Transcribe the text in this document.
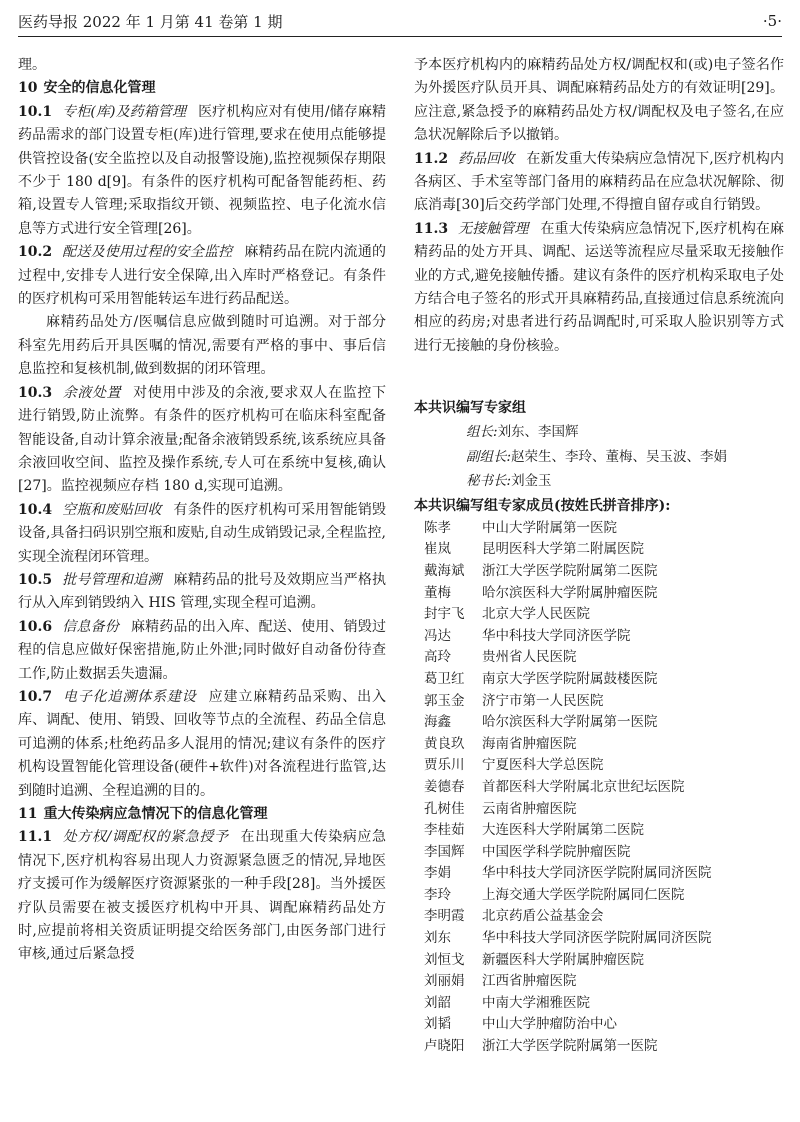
医药导报 2022 年 1 月第 41 卷第 1 期	·5·

理。

10 安全的信息化管理

10.1 专柜(库)及药箱管理 医疗机构应对有使用/储存麻精药品需求的部门设置专柜(库)进行管理,要求在使用点能够提供管控设备(安全监控以及自动报警设施),监控视频保存期限不少于 180 d[9]。有条件的医疗机构可配备智能药柜、药箱,设置专人管理;采取指纹开锁、视频监控、电子化流水信息等方式进行安全管理[26]。

10.2 配送及使用过程的安全监控 麻精药品在院内流通的过程中,安排专人进行安全保障,出入库时严格登记。有条件的医疗机构可采用智能转运车进行药品配送。

麻精药品处方/医嘱信息应做到随时可追溯。对于部分科室先用药后开具医嘱的情况,需要有严格的事中、事后信息监控和复核机制,做到数据的闭环管理。

10.3 余液处置 对使用中涉及的余液,要求双人在监控下进行销毁,防止流弊。有条件的医疗机构可在临床科室配备智能设备,自动计算余液量;配备余液销毁系统,该系统应具备余液回收空间、监控及操作系统,专人可在系统中复核,确认[27]。监控视频应存档 180 d,实现可追溯。

10.4 空瓶和废贴回收 有条件的医疗机构可采用智能销毁设备,具备扫码识别空瓶和废贴,自动生成销毁记录,全程监控,实现全流程闭环管理。

10.5 批号管理和追溯 麻精药品的批号及效期应当严格执行从入库到销毁纳入 HIS 管理,实现全程可追溯。

10.6 信息备份 麻精药品的出入库、配送、使用、销毁过程的信息应做好保密措施,防止外泄;同时做好自动备份待查工作,防止数据丢失遗漏。

10.7 电子化追溯体系建设 应建立麻精药品采购、出入库、调配、使用、销毁、回收等节点的全流程、药品全信息可追溯的体系;杜绝药品多人混用的情况;建议有条件的医疗机构设置智能化管理设备(硬件+软件)对各流程进行监管,达到随时追溯、全程追溯的目的。

11 重大传染病应急情况下的信息化管理

11.1 处方权/调配权的紧急授予 在出现重大传染病应急情况下,医疗机构容易出现人力资源紧急匮乏的情况,异地医疗支援可作为缓解医疗资源紧张的一种手段[28]。当外援医疗队员需要在被支援医疗机构中开具、调配麻精药品处方时,应提前将相关资质证明提交给医务部门,由医务部门进行审核,通过后紧急授

予本医疗机构内的麻精药品处方权/调配权和(或)电子签名作为外援医疗队员开具、调配麻精药品处方的有效证明[29]。应注意,紧急授予的麻精药品处方权/调配权及电子签名,在应急状况解除后予以撤销。

11.2 药品回收 在新发重大传染病应急情况下,医疗机构内各病区、手术室等部门备用的麻精药品在应急状况解除、彻底消毒[30]后交药学部门处理,不得擅自留存或自行销毁。

11.3 无接触管理 在重大传染病应急情况下,医疗机构在麻精药品的处方开具、调配、运送等流程应尽量采取无接触作业的方式,避免接触传播。建议有条件的医疗机构采取电子处方结合电子签名的形式开具麻精药品,直接通过信息系统流向相应的药房;对患者进行药品调配时,可采取人脸识别等方式进行无接触的身份核验。

本共识编写专家组
组长:刘东、李国辉
副组长:赵荣生、李玲、董梅、吴玉波、李娟
秘书长:刘金玉
本共识编写组专家成员(按姓氏拼音排序):
陈孝	中山大学附属第一医院
崔岚	昆明医科大学第二附属医院
戴海斌	浙江大学医学院附属第二医院
董梅	哈尔滨医科大学附属肿瘤医院
封宇飞	北京大学人民医院
冯达	华中科技大学同济医学院
高玲	贵州省人民医院
葛卫红	南京大学医学院附属鼓楼医院
郭玉金	济宁市第一人民医院
海鑫	哈尔滨医科大学附属第一医院
黄良玖	海南省肿瘤医院
贾乐川	宁夏医科大学总医院
姜德春	首都医科大学附属北京世纪坛医院
孔树佳	云南省肿瘤医院
李桂茹	大连医科大学附属第二医院
李国辉	中国医学科学院肿瘤医院
李娟	华中科技大学同济医学院附属同济医院
李玲	上海交通大学医学院附属同仁医院
李明霞	北京药盾公益基金会
刘东	华中科技大学同济医学院附属同济医院
刘恒戈	新疆医科大学附属肿瘤医院
刘丽娟	江西省肿瘤医院
刘韶	中南大学湘雅医院
刘韬	中山大学肿瘤防治中心
卢晓阳	浙江大学医学院附属第一医院
